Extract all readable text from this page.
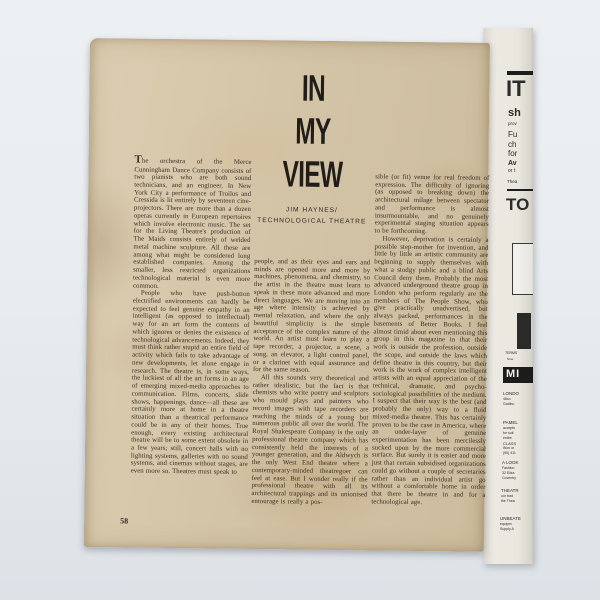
IT
sh
prov
Fu
ch
for
Av
or t
Thea
TO
TERMS
Srne
MI
LONDO
46co
Goldhu
PAMEL
accepts
for suit
entire
CLASS
Won or
(90) 411
A LOOK
Fashion
32 Eliza
Coventry
THEATR
our trad
the Thea
UNBEATE
equipm
Supply A
IN
MY
VIEW
JIM HAYNES/
TECHNOLOGICAL THEATRE

The orchestra of the Merce Cunningham Dance Company consists of two pianists who are both sound technicians, and an engineer. In New York City a performance of Troilus and Cressida is lit entirely by seventeen cine-projectors. There are more than a dozen operas currently in European repertoires which involve electronic music. The set for the Living Theatre's production of The Maids consists entirely of welded metal machine sculpture. All these are among what might be considered long established companies. Among the smaller, less restricted organizations technological material is even more common.

People who have push-button electrified environments can hardly be expected to feel genuine empathy in an intelligent (as opposed to intellectual) way for an art form the contents of which ignores or denies the existence of technological advancements. Indeed, they must think rather stupid an entire field of activity which fails to take advantage of new developments, let alone engage in research. The theatre is, in some ways, the luckiest of all the art forms in an age of emerging mixed-media approaches to communication. Films, concerts, slide shows, happenings, dance—all these are certainly more at home in a theatre situation than a theatrical performance could be in any of their homes. True enough, every existing architectural theatre will be to some extent obsolete in a few years; still, concert halls with no lighting systems, galleries with no sound systems, and cinemas without stages, are even more so. Theatres must speak to

people, and as their eyes and ears and minds are opened more and more by machines, phenomena, and chemistry, so the artist in the theatre must learn to speak in these more advanced and more direct languages. We are moving into an age where intensity is achieved by mental relaxation, and where the only beautiful simplicity is the simple acceptance of the complex nature of the world. An artist must learn to play a tape recorder, a projector, a scene, a song, an elevator, a light control panel, or a clarinet with equal assurance and for the same reason.

All this sounds very theoretical and rather idealistic, but the fact is that chemists who write poetry and sculptors who mould plays and painters who record images with tape recorders are reaching the minds of a young but numerous public all over the world. The Royal Shakespeare Company is the only professional theatre company which has consistently held the interests of a younger generation, and the Aldwych is the only West End theatre where a contemporary-minded theatregoer can feel at ease. But I wonder really if the professional theatre with all its architectural trappings and its unionised entourage is really a pos-

sible (or fit) venue for real freedom of expression. The difficulty of ignoring (as opposed to breaking down) the architectural milage between spectator and performance is almost insurmountable, and no genuinely experimental staging situation appears to be forthcoming.

However, deprivation is certainly a possible step-mother for invention, and little by little an artistic community are beginning to supply themselves with what a stodgy public and a blind Arts Council deny them. Probably the most advanced underground theatre group in London who perform regularly are the members of The People Show, who give practically unadvertised, but always packed, performances in the basements of Better Books. I feel almost timid about even mentioning this group in this magazine in that their work is outside the profession, outside the scope, and outside the laws which define theatre in this country, but their work is the work of complex intelligent artists with an equal appreciation of the technical, dramatic, and psycho-sociological possibilities of the medium. I suspect that their way is the best (and probably the only) way to a fluid mixed-media theatre. This has certainly proven to be the case in America, where an under-layer of genuine experimentation has been mercilessly sucked upon by the more commercial surface. But surely it is easier and more just that certain subsidised organizations could go without a couple of secretaries rather than an individual artist go without a comfortable home in order that there be theatre in and for a technological age.

58
